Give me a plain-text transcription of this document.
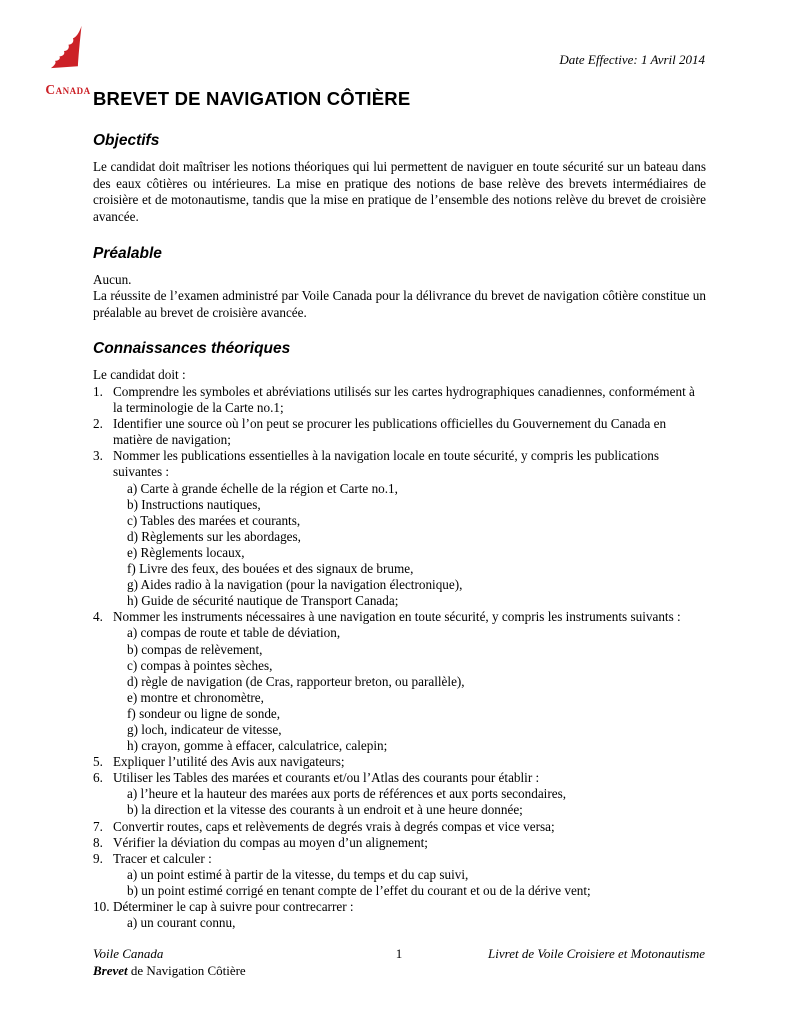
Canada
Date Effective: 1 Avril 2014
BREVET DE NAVIGATION CÔTIÈRE
Objectifs

Le candidat doit maîtriser les notions théoriques qui lui permettent de naviguer en toute sécurité sur un bateau dans des eaux côtières ou intérieures. La mise en pratique des notions de base relève des brevets intermédiaires de croisière et de motonautisme, tandis que la mise en pratique de l’ensemble des notions relève du brevet de croisière avancée.

Préalable

Aucun.

La réussite de l’examen administré par Voile Canada pour la délivrance du brevet de navigation côtière constitue un préalable au brevet de croisière avancée.

Connaissances théoriques

Le candidat doit :

1. Comprendre les symboles et abréviations utilisés sur les cartes hydrographiques canadiennes, conformément à la terminologie de la Carte no.1;
2. Identifier une source où l’on peut se procurer les publications officielles du Gouvernement du Canada en matière de navigation;
3. Nommer les publications essentielles à la navigation locale en toute sécurité, y compris les publications suivantes :
a) Carte à grande échelle de la région et Carte no.1,
b) Instructions nautiques,
c) Tables des marées et courants,
d) Règlements sur les abordages,
e) Règlements locaux,
f) Livre des feux, des bouées et des signaux de brume,
g) Aides radio à la navigation (pour la navigation électronique),
h) Guide de sécurité nautique de Transport Canada;
4. Nommer les instruments nécessaires à une navigation en toute sécurité, y compris les instruments suivants :
a) compas de route et table de déviation,
b) compas de relèvement,
c) compas à pointes sèches,
d) règle de navigation (de Cras, rapporteur breton, ou parallèle),
e) montre et chronomètre,
f) sondeur ou ligne de sonde,
g) loch, indicateur de vitesse,
h) crayon, gomme à effacer, calculatrice, calepin;
5. Expliquer l’utilité des Avis aux navigateurs;
6. Utiliser les Tables des marées et courants et/ou l’Atlas des courants pour établir :
a) l’heure et la hauteur des marées aux ports de références et aux ports secondaires,
b) la direction et la vitesse des courants à un endroit et à une heure donnée;
7. Convertir routes, caps et relèvements de degrés vrais à degrés compas et vice versa;
8. Vérifier la déviation du compas au moyen d’un alignement;
9. Tracer et calculer :
a) un point estimé à partir de la vitesse, du temps et du cap suivi,
b) un point estimé corrigé en tenant compte de l’effet du courant et ou de la dérive vent;
10. Déterminer le cap à suivre pour contrecarrer :
a) un courant connu,
Voile Canada
Brevet de Navigation Côtière
1	Livret de Voile Croisiere et Motonautisme
